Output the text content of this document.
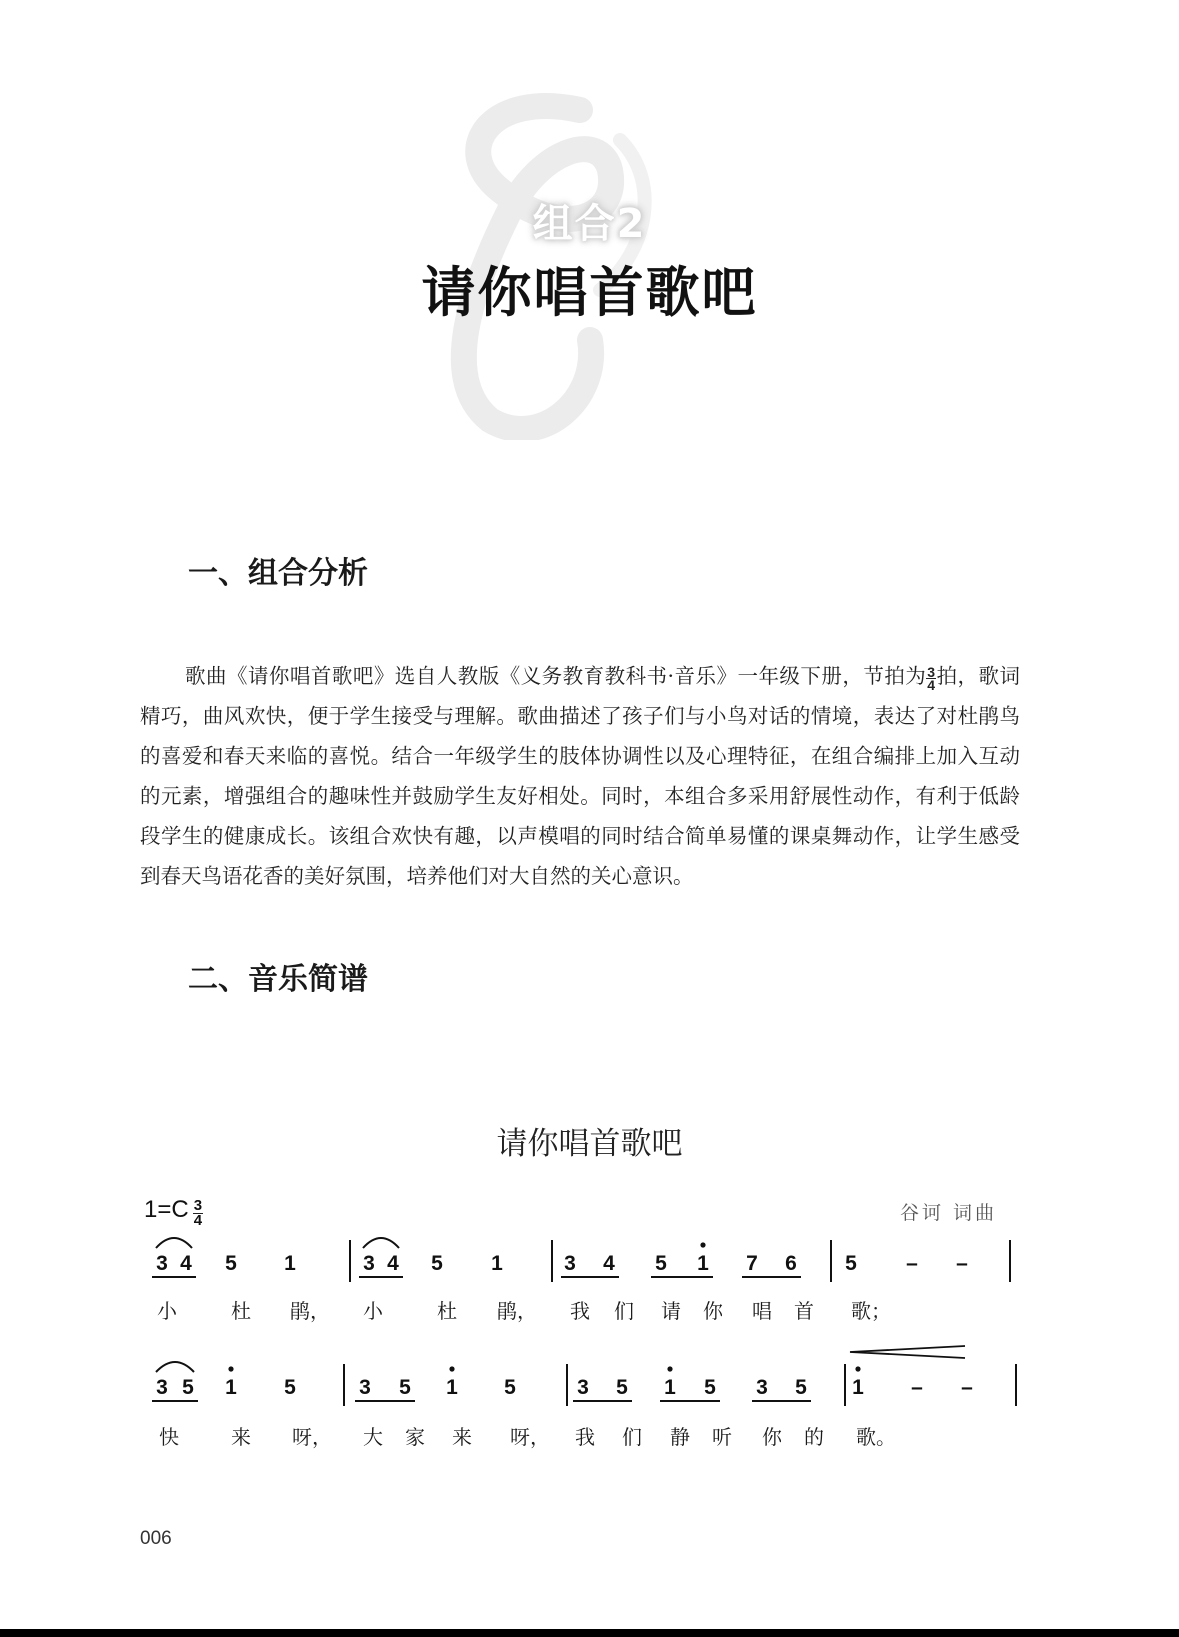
组合2
请你唱首歌吧
一、组合分析

歌曲《请你唱首歌吧》选自人教版《义务教育教科书·音乐》一年级下册，节拍为 $\frac{3}{4}$ 拍，歌词精巧，曲风欢快，便于学生接受与理解。歌曲描述了孩子们与小鸟对话的情境，表达了对杜鹃鸟的喜爱和春天来临的喜悦。结合一年级学生的肢体协调性以及心理特征，在组合编排上加入互动的元素，增强组合的趣味性并鼓励学生友好相处。同时，本组合多采用舒展性动作，有利于低龄段学生的健康成长。该组合欢快有趣，以声模唱的同时结合简单易懂的课桌舞动作，让学生感受到春天鸟语花香的美好氛围，培养他们对大自然的关心意识。

二、音乐简谱
请你唱首歌吧
$1=C \frac{3}{4}$	谷诃 词曲
3 4 5 1	3 4 5 1	3 4 5 1 7 6 5 – –
小	杜 鹃， 小	杜 鹃， 我 们 请 你 唱 首 歌；
3 5 1 5	3 5 1 5	3 5 1 5 3 5 1 – –
快	来 呀， 大 家 来 呀， 我 们 静 听 你 的 歌。
006
